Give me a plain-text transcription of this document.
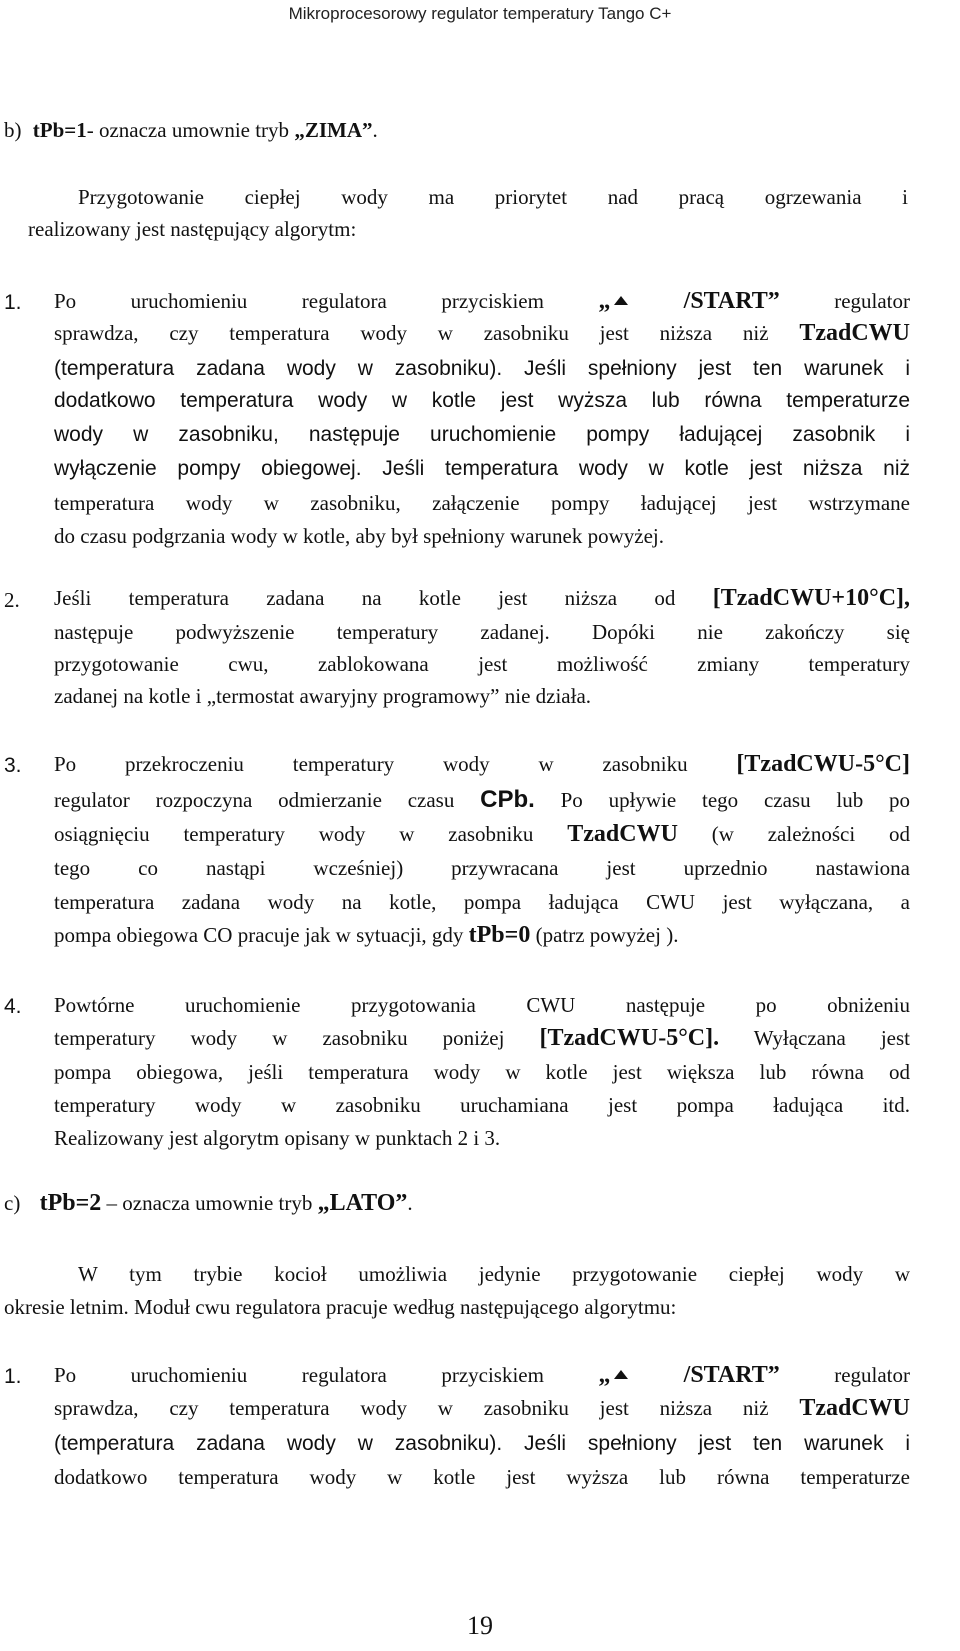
Mikroprocesorowy regulator temperatury Tango C+
b) tPb=1- oznacza umownie tryb „ZIMA”.
Przygotowanie ciepłej wody ma priorytet nad pracą ogrzewania i
realizowany jest następujący algorytm:
1. Po uruchomieniu regulatora przyciskiem „	/START”	regulator
sprawdza, czy temperatura wody w zasobniku jest niższa niż TzadCWU
(temperatura zadana wody w zasobniku). Jeśli spełniony jest ten warunek i
dodatkowo temperatura wody w kotle jest wyższa lub równa temperaturze
wody w zasobniku, następuje uruchomienie pompy ładującej zasobnik i
wyłączenie pompy obiegowej. Jeśli temperatura wody w kotle jest niższa niż
temperatura wody w zasobniku, załączenie pompy ładującej jest wstrzymane
do czasu podgrzania wody w kotle, aby był spełniony warunek powyżej.
2. Jeśli temperatura zadana na kotle jest niższa od [TzadCWU+10°C],
następuje podwyższenie temperatury zadanej. Dopóki nie zakończy się
przygotowanie cwu, zablokowana jest możliwość zmiany temperatury
zadanej na kotle i „termostat awaryjny programowy” nie działa.
3. Po przekroczeniu temperatury wody w zasobniku [TzadCWU-5°C]
regulator rozpoczyna odmierzanie czasu CPb. Po upływie tego czasu lub po
osiągnięciu temperatury wody w zasobniku TzadCWU (w zależności od
tego co nastąpi wcześniej) przywracana jest uprzednio nastawiona
temperatura zadana wody na kotle, pompa ładująca CWU jest wyłączana, a
pompa obiegowa CO pracuje jak w sytuacji, gdy tPb=0 (patrz powyżej ).
4. Powtórne uruchomienie przygotowania CWU następuje po obniżeniu
temperatury wody w zasobniku poniżej [TzadCWU-5°C]. Wyłączana jest
pompa obiegowa, jeśli temperatura wody w kotle jest większa lub równa od
temperatury wody w zasobniku uruchamiana jest pompa ładująca itd.
Realizowany jest algorytm opisany w punktach 2 i 3.
c) tPb=2 – oznacza umownie tryb „LATO”.
W tym trybie kocioł umożliwia jedynie przygotowanie ciepłej wody w
okresie letnim. Moduł cwu regulatora pracuje według następującego algorytmu:
1. Po uruchomieniu regulatora przyciskiem „	/START”	regulator
sprawdza, czy temperatura wody w zasobniku jest niższa niż TzadCWU
(temperatura zadana wody w zasobniku). Jeśli spełniony jest ten warunek i
dodatkowo temperatura wody w kotle jest wyższa lub równa temperaturze
19
